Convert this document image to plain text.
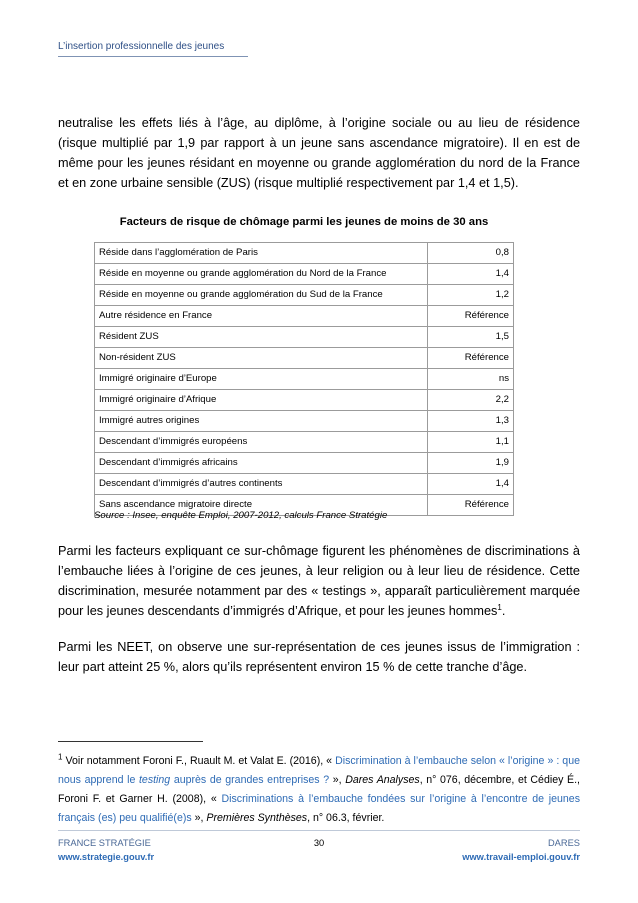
L’insertion professionnelle des jeunes

neutralise les effets liés à l’âge, au diplôme, à l’origine sociale ou au lieu de résidence (risque multiplié par 1,9 par rapport à un jeune sans ascendance migratoire). Il en est de même pour les jeunes résidant en moyenne ou grande agglomération du nord de la France et en zone urbaine sensible (ZUS) (risque multiplié respectivement par 1,4 et 1,5).

Facteurs de risque de chômage parmi les jeunes de moins de 30 ans
Réside dans l’agglomération de Paris	0,8
Réside en moyenne ou grande agglomération du Nord de la France	1,4
Réside en moyenne ou grande agglomération du Sud de la France	1,2
Autre résidence en France	Référence
Résident ZUS	1,5
Non-résident ZUS	Référence
Immigré originaire d’Europe	ns
Immigré originaire d’Afrique	2,2
Immigré autres origines	1,3
Descendant d’immigrés européens	1,1
Descendant d’immigrés africains	1,9
Descendant d’immigrés d’autres continents	1,4
Sans ascendance migratoire directe	Référence
Source : Insee, enquête Emploi, 2007-2012, calculs France Stratégie

Parmi les facteurs expliquant ce sur-chômage figurent les phénomènes de discriminations à l’embauche liées à l’origine de ces jeunes, à leur religion ou à leur lieu de résidence. Cette discrimination, mesurée notamment par des « testings », apparaît particulièrement marquée pour les jeunes descendants d’immigrés d’Afrique, et pour les jeunes hommes$^1$.

Parmi les NEET, on observe une sur-représentation de ces jeunes issus de l’immigration : leur part atteint 25 %, alors qu’ils représentent environ 15 % de cette tranche d’âge.

$^1$ Voir notamment Foroni F., Ruault M. et Valat E. (2016), « Discrimination à l’embauche selon « l’origine » : que nous apprend le testing auprès de grandes entreprises ? », Dares Analyses, n° 076, décembre, et Cédiey É., Foroni F. et Garner H. (2008), « Discriminations à l’embauche fondées sur l’origine à l’encontre de jeunes français (es) peu qualifié(e)s », Premières Synthèses, n° 06.3, février.
FRANCE STRATÉGIE
www.strategie.gouv.fr
30	DARES
www.travail-emploi.gouv.fr
